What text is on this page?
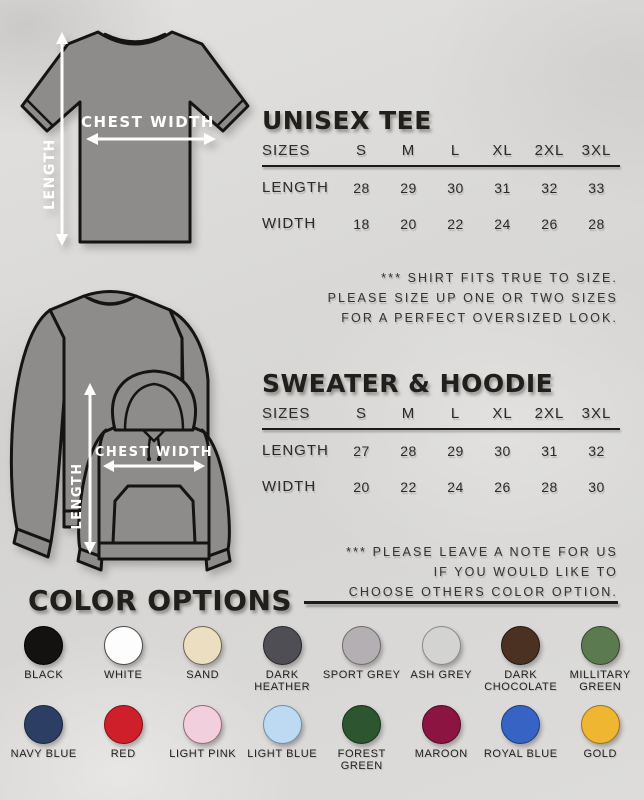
CHEST WIDTH
LENGTH
UNISEX TEE
SIZES	S	M	L	XL	2XL	3XL
LENGTH	28	29	30	31	32	33
WIDTH	18	20	22	24	26	28
*** SHIRT FITS TRUE TO SIZE.
PLEASE SIZE UP ONE OR TWO SIZES
FOR A PERFECT OVERSIZED LOOK.
CHEST WIDTH
LENGTH
SWEATER & HOODIE
SIZES	S	M	L	XL	2XL	3XL
LENGTH	27	28	29	30	31	32
WIDTH	20	22	24	26	28	30
*** PLEASE LEAVE A NOTE FOR US
IF YOU WOULD LIKE TO
CHOOSE OTHERS COLOR OPTION.
COLOR OPTIONS
BLACK	WHITE	SAND	DARK HEATHER
SPORT GREY ASH GREY	DARK CHOCOLATE
MILLITARY GREEN
NAVY BLUE	RED	LIGHT PINK LIGHT BLUE	FOREST GREEN
MAROON ROYAL BLUE GOLD
